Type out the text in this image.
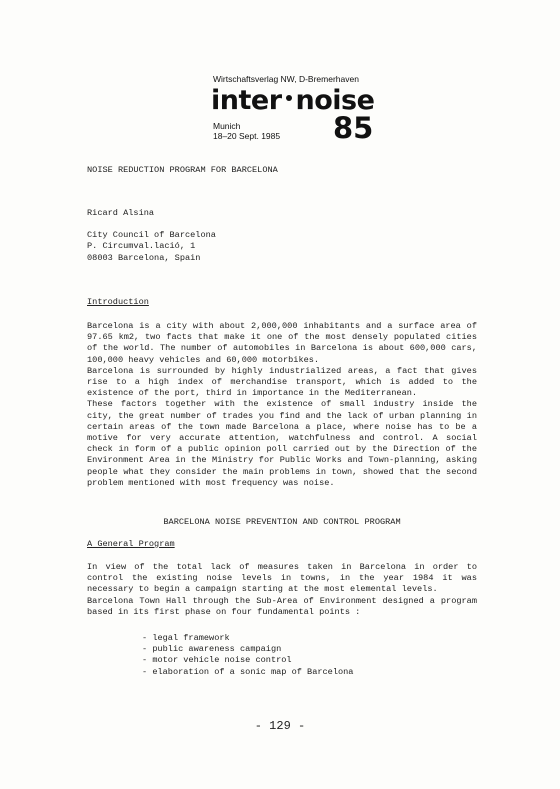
Wirtschaftsverlag NW, D-Bremerhaven
inter noise
Munich
18–20 Sept. 1985 85
NOISE REDUCTION PROGRAM FOR BARCELONA
Ricard Alsina
City Council of Barcelona
P. Circumval.lació, 1
08003 Barcelona, Spain
Introduction

Barcelona is a city with about 2,000,000 inhabitants and a surface area of 97.65 km2, two facts that make it one of the most densely populated cities of the world. The number of automobiles in Barcelona is about 600,000 cars, 100,000 heavy vehicles and 60,000 motorbikes.

Barcelona is surrounded by highly industrialized areas, a fact that gives rise to a high index of merchandise transport, which is added to the existence of the port, third in importance in the Mediterranean.

These factors together with the existence of small industry inside the city, the great number of trades you find and the lack of urban planning in certain areas of the town made Barcelona a place, where noise has to be a motive for very accurate attention, watchfulness and control. A social check in form of a public opinion poll carried out by the Direction of the Environment Area in the Ministry for Public Works and Town-planning, asking people what they consider the main problems in town, showed that the second problem mentioned with most frequency was noise.

BARCELONA NOISE PREVENTION AND CONTROL PROGRAM
A General Program

In view of the total lack of measures taken in Barcelona in order to control the existing noise levels in towns, in the year 1984 it was necessary to begin a campaign starting at the most elemental levels.

Barcelona Town Hall through the Sub-Area of Environment designed a program based in its first phase on four fundamental points :

- legal framework
- public awareness campaign
- motor vehicle noise control
- elaboration of a sonic map of Barcelona
- 129 -
